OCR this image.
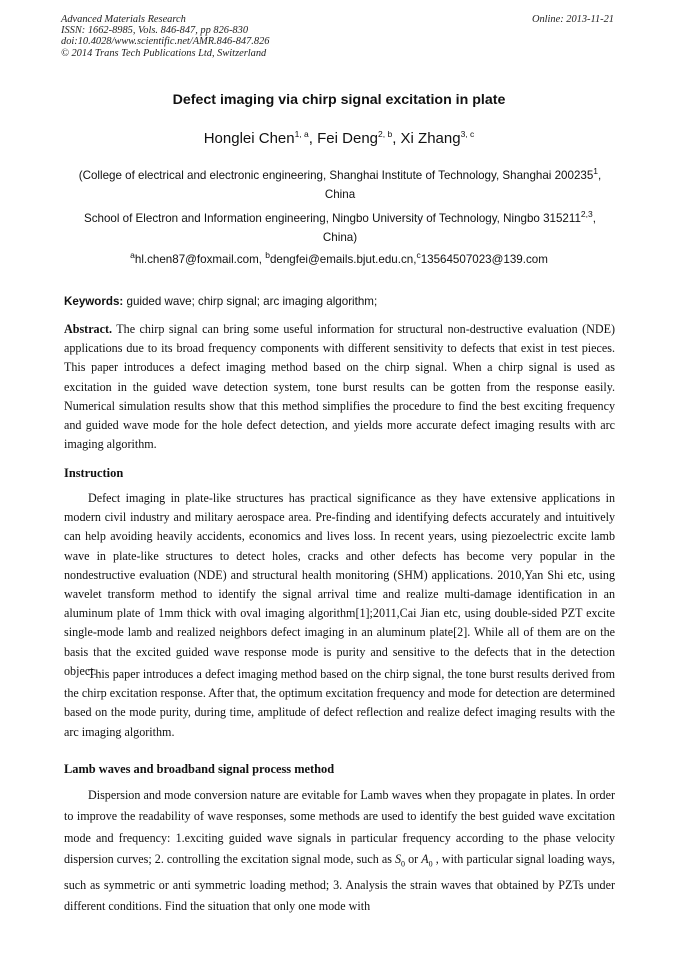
Advanced Materials Research
ISSN: 1662-8985, Vols. 846-847, pp 826-830
doi:10.4028/www.scientific.net/AMR.846-847.826
© 2014 Trans Tech Publications Ltd, Switzerland
Online: 2013-11-21
Defect imaging via chirp signal excitation in plate
Honglei Chen$^{1, a}$, Fei Deng$^{2, b}$, Xi Zhang$^{3, c}$
(College of electrical and electronic engineering, Shanghai Institute of Technology, Shanghai 200235$^1$,
China
School of Electron and Information engineering, Ningbo University of Technology, Ningbo 315211$^{2,3}$,
China)
$^a$hl.chen87@foxmail.com, $^b$dengfei@emails.bjut.edu.cn,$^c$13564507023@139.com
Keywords: guided wave; chirp signal; arc imaging algorithm;
Abstract. The chirp signal can bring some useful information for structural non-destructive evaluation (NDE) applications due to its broad frequency components with different sensitivity to defects that exist in test pieces. This paper introduces a defect imaging method based on the chirp signal. When a chirp signal is used as excitation in the guided wave detection system, tone burst results can be gotten from the response easily. Numerical simulation results show that this method simplifies the procedure to find the best exciting frequency and guided wave mode for the hole defect detection, and yields more accurate defect imaging results with arc imaging algorithm.
Instruction
Defect imaging in plate-like structures has practical significance as they have extensive applications in modern civil industry and military aerospace area. Pre-finding and identifying defects accurately and intuitively can help avoiding heavily accidents, economics and lives loss. In recent years, using piezoelectric excite lamb wave in plate-like structures to detect holes, cracks and other defects has become very popular in the nondestructive evaluation (NDE) and structural health monitoring (SHM) applications. 2010,Yan Shi etc, using wavelet transform method to identify the signal arrival time and realize multi-damage identification in an aluminum plate of 1mm thick with oval imaging algorithm[1];2011,Cai Jian etc, using double-sided PZT excite single-mode lamb and realized neighbors defect imaging in an aluminum plate[2]. While all of them are on the basis that the excited guided wave response mode is purity and sensitive to the defects that in the detection object.
This paper introduces a defect imaging method based on the chirp signal, the tone burst results derived from the chirp excitation response. After that, the optimum excitation frequency and mode for detection are determined based on the mode purity, during time, amplitude of defect reflection and realize defect imaging results with the arc imaging algorithm.
Lamb waves and broadband signal process method
Dispersion and mode conversion nature are evitable for Lamb waves when they propagate in plates. In order to improve the readability of wave responses, some methods are used to identify the best guided wave excitation mode and frequency: 1.exciting guided wave signals in particular frequency according to the phase velocity dispersion curves; 2. controlling the excitation signal mode, such as $S_0$ or $A_0$ , with particular signal loading ways, such as symmetric or anti symmetric loading method; 3. Analysis the strain waves that obtained by PZTs under different conditions. Find the situation that only one mode with
